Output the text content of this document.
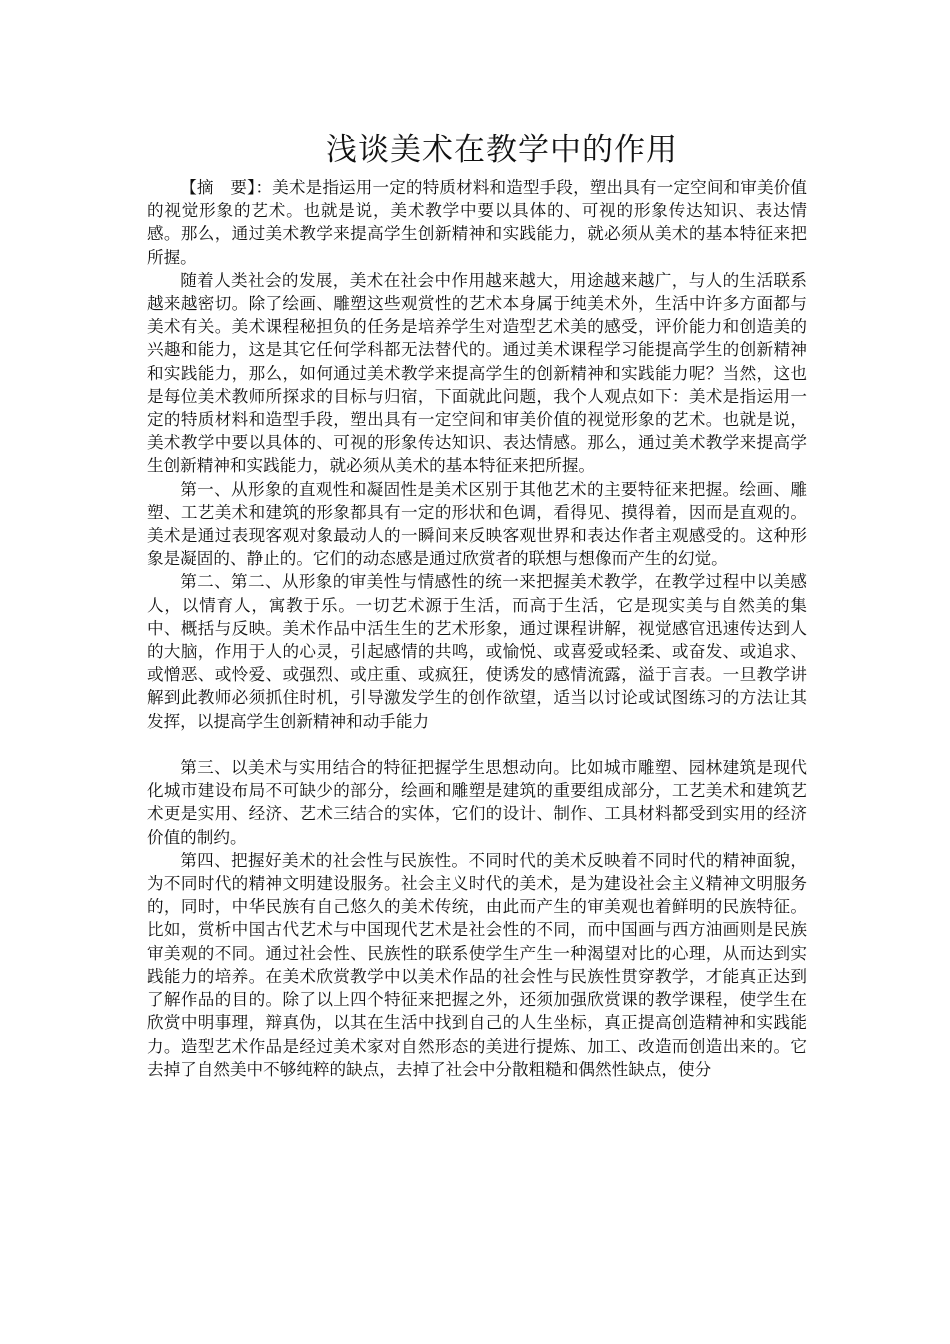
浅谈美术在教学中的作用

【摘　要】：美术是指运用一定的特质材料和造型手段，塑出具有一定空间和审美价值的视觉形象的艺术。也就是说，美术教学中要以具体的、可视的形象传达知识、表达情感。那么，通过美术教学来提高学生创新精神和实践能力，就必须从美术的基本特征来把所握。

随着人类社会的发展，美术在社会中作用越来越大，用途越来越广，与人的生活联系越来越密切。除了绘画、雕塑这些观赏性的艺术本身属于纯美术外，生活中许多方面都与美术有关。美术课程秘担负的任务是培养学生对造型艺术美的感受，评价能力和创造美的兴趣和能力，这是其它任何学科都无法替代的。通过美术课程学习能提高学生的创新精神和实践能力，那么，如何通过美术教学来提高学生的创新精神和实践能力呢？当然，这也是每位美术教师所探求的目标与归宿，下面就此问题，我个人观点如下：美术是指运用一定的特质材料和造型手段，塑出具有一定空间和审美价值的视觉形象的艺术。也就是说，美术教学中要以具体的、可视的形象传达知识、表达情感。那么，通过美术教学来提高学生创新精神和实践能力，就必须从美术的基本特征来把所握。

第一、从形象的直观性和凝固性是美术区别于其他艺术的主要特征来把握。绘画、雕塑、工艺美术和建筑的形象都具有一定的形状和色调，看得见、摸得着，因而是直观的。美术是通过表现客观对象最动人的一瞬间来反映客观世界和表达作者主观感受的。这种形象是凝固的、静止的。它们的动态感是通过欣赏者的联想与想像而产生的幻觉。

第二、第二、从形象的审美性与情感性的统一来把握美术教学，在教学过程中以美感人，以情育人，寓教于乐。一切艺术源于生活，而高于生活，它是现实美与自然美的集中、概括与反映。美术作品中活生生的艺术形象，通过课程讲解，视觉感官迅速传达到人的大脑，作用于人的心灵，引起感情的共鸣，或愉悦、或喜爱或轻柔、或奋发、或追求、或憎恶、或怜爱、或强烈、或庄重、或疯狂，使诱发的感情流露，溢于言表。一旦教学讲解到此教师必须抓住时机，引导激发学生的创作欲望，适当以讨论或试图练习的方法让其发挥，以提高学生创新精神和动手能力

第三、以美术与实用结合的特征把握学生思想动向。比如城市雕塑、园林建筑是现代化城市建设布局不可缺少的部分，绘画和雕塑是建筑的重要组成部分，工艺美术和建筑艺术更是实用、经济、艺术三结合的实体，它们的设计、制作、工具材料都受到实用的经济价值的制约。

第四、把握好美术的社会性与民族性。不同时代的美术反映着不同时代的精神面貌，为不同时代的精神文明建设服务。社会主义时代的美术，是为建设社会主义精神文明服务的，同时，中华民族有自己悠久的美术传统，由此而产生的审美观也着鲜明的民族特征。比如，赏析中国古代艺术与中国现代艺术是社会性的不同，而中国画与西方油画则是民族审美观的不同。通过社会性、民族性的联系使学生产生一种渴望对比的心理，从而达到实践能力的培养。在美术欣赏教学中以美术作品的社会性与民族性贯穿教学，才能真正达到了解作品的目的。除了以上四个特征来把握之外，还须加强欣赏课的教学课程，使学生在欣赏中明事理，辩真伪，以其在生活中找到自己的人生坐标，真正提高创造精神和实践能力。造型艺术作品是经过美术家对自然形态的美进行提炼、加工、改造而创造出来的。它去掉了自然美中不够纯粹的缺点，去掉了社会中分散粗糙和偶然性缺点，使分
